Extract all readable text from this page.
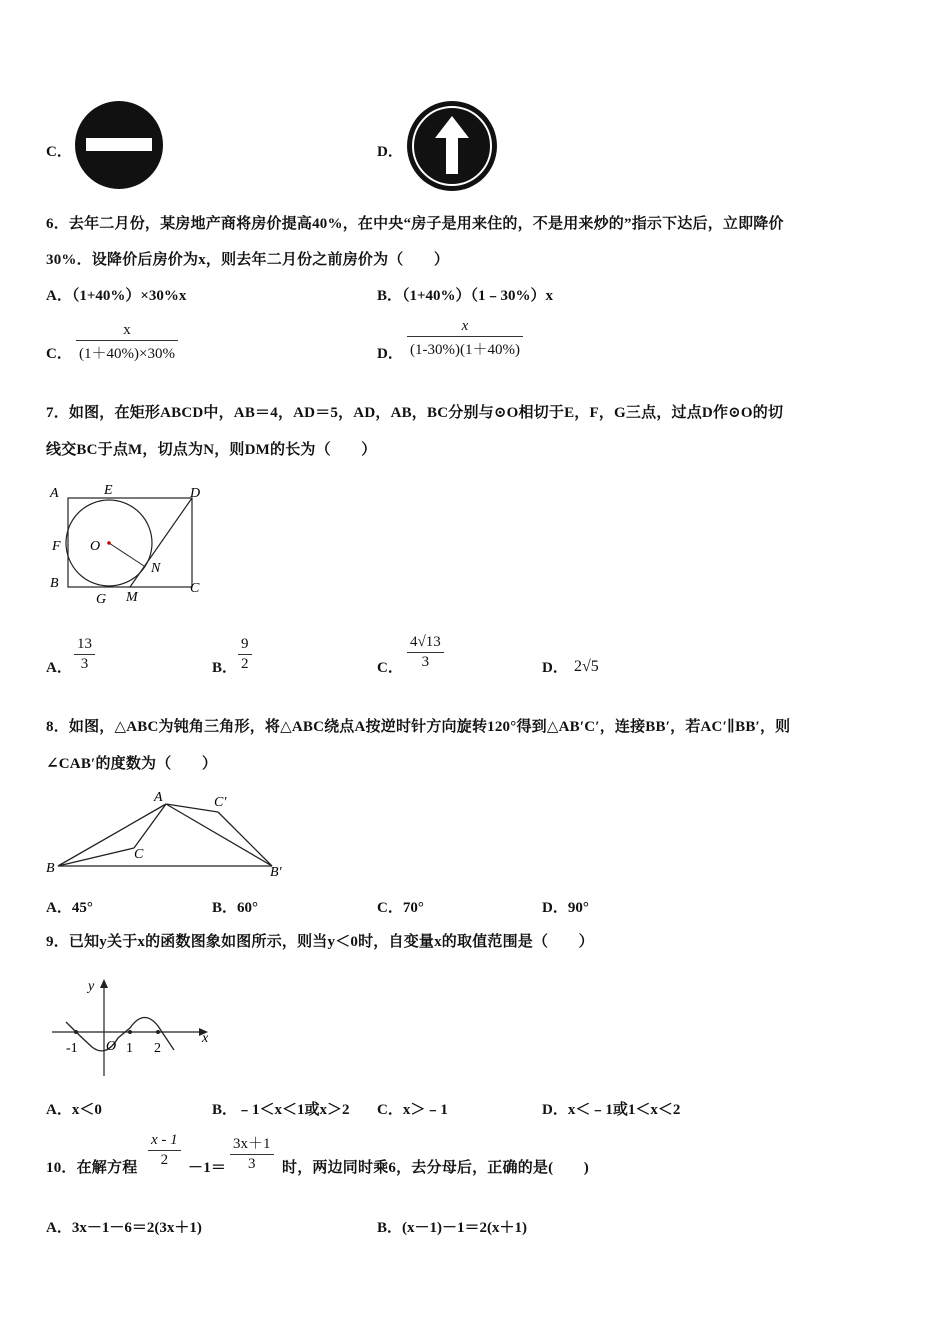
C．	D．
6．去年二月份，某房地产商将房价提高40%，在中央“房子是用来住的，不是用来炒的”指示下达后，立即降价
30%．设降价后房价为x，则去年二月份之前房价为（　　）
A．（1+40%）×30%x	B．（1+40%）（1﹣30%）x
C． $\frac{x}{(1+40\%)\times 30\%}$	D． $\frac{x}{(1-30\%)(1+40\%)}$
7．如图，在矩形ABCD中，AB＝4，AD＝5，AD，AB，BC分别与⊙O相切于E，F，G三点，过点D作⊙O的切
线交BC于点M，切点为N，则DM的长为（　　）
A	E	D
F O
N
B
G M
C
A． $\frac{13}{3}$	B． $\frac{9}{2}$	C． $\frac{4√13}{3}$	D． 2√5
8．如图，△ABC为钝角三角形，将△ABC绕点A按逆时针方向旋转120°得到△AB′C′，连接BB′，若AC′∥BB′，则
∠CAB′的度数为（　　）
A	C′
B
C
B′
A．45°	B．60°	C．70°	D．90°
9．已知y关于x的函数图象如图所示，则当y＜0时，自变量x的取值范围是（　　）
y
x
-1 O 1 2
A．x＜0	B．﹣1＜x＜1或x＞2 C．x＞﹣1	D．x＜﹣1或1＜x＜2
10．在解方程 $\frac{x - 1}{2} -1= \frac{3x+1}{3}$ 时，两边同时乘6，去分母后，正确的是(　　)
A．3x－1－6＝2(3x＋1)	B．(x－1)－1＝2(x＋1)
